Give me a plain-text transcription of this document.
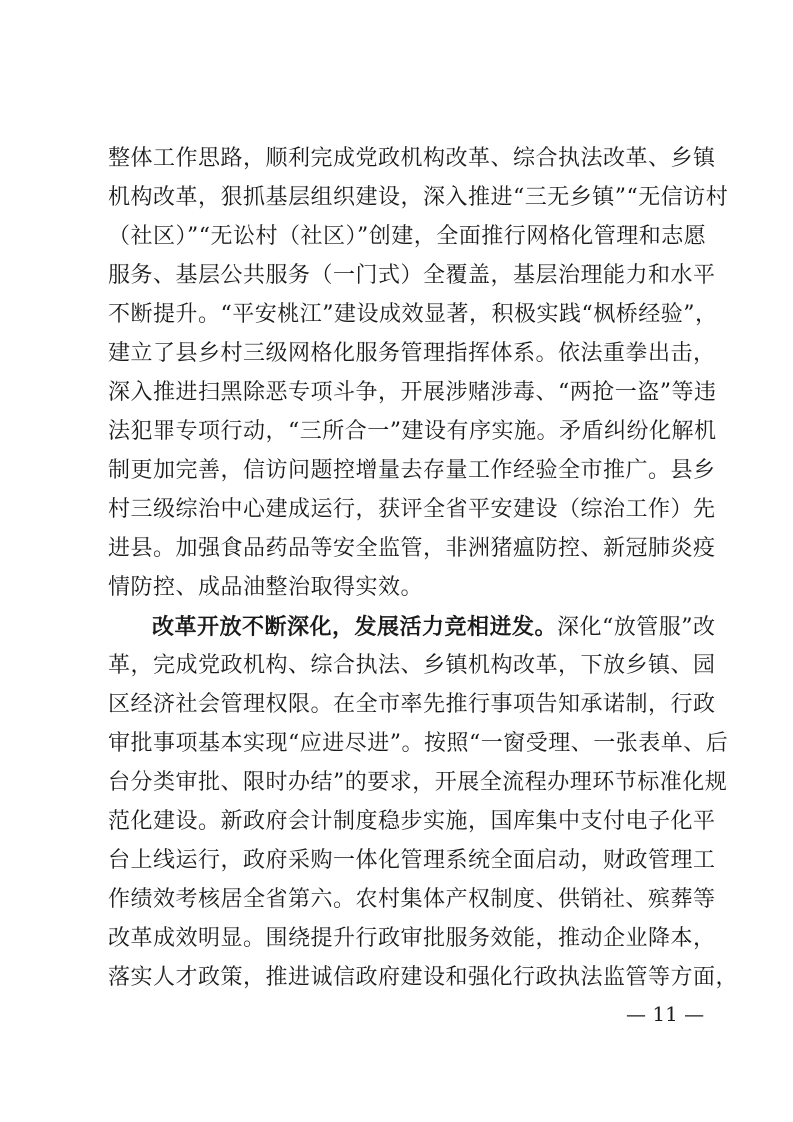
整体工作思路，顺利完成党政机构改革、综合执法改革、乡镇
机构改革，狠抓基层组织建设，深入推进“三无乡镇”“无信访村
（社区）”“无讼村（社区）”创建，全面推行网格化管理和志愿
服务、基层公共服务（一门式）全覆盖，基层治理能力和水平
不断提升。“平安桃江”建设成效显著，积极实践“枫桥经验”，
建立了县乡村三级网格化服务管理指挥体系。依法重拳出击，
深入推进扫黑除恶专项斗争，开展涉赌涉毒、“两抢一盗”等违
法犯罪专项行动，“三所合一”建设有序实施。矛盾纠纷化解机
制更加完善，信访问题控增量去存量工作经验全市推广。县乡
村三级综治中心建成运行，获评全省平安建设（综治工作）先
进县。加强食品药品等安全监管，非洲猪瘟防控、新冠肺炎疫
情防控、成品油整治取得实效。
改革开放不断深化，发展活力竞相迸发。深化“放管服”改
革，完成党政机构、综合执法、乡镇机构改革，下放乡镇、园
区经济社会管理权限。在全市率先推行事项告知承诺制，行政
审批事项基本实现“应进尽进”。按照“一窗受理、一张表单、后
台分类审批、限时办结”的要求，开展全流程办理环节标准化规
范化建设。新政府会计制度稳步实施，国库集中支付电子化平
台上线运行，政府采购一体化管理系统全面启动，财政管理工
作绩效考核居全省第六。农村集体产权制度、供销社、殡葬等
改革成效明显。围绕提升行政审批服务效能，推动企业降本，
落实人才政策，推进诚信政府建设和强化行政执法监管等方面，
— 11 —
